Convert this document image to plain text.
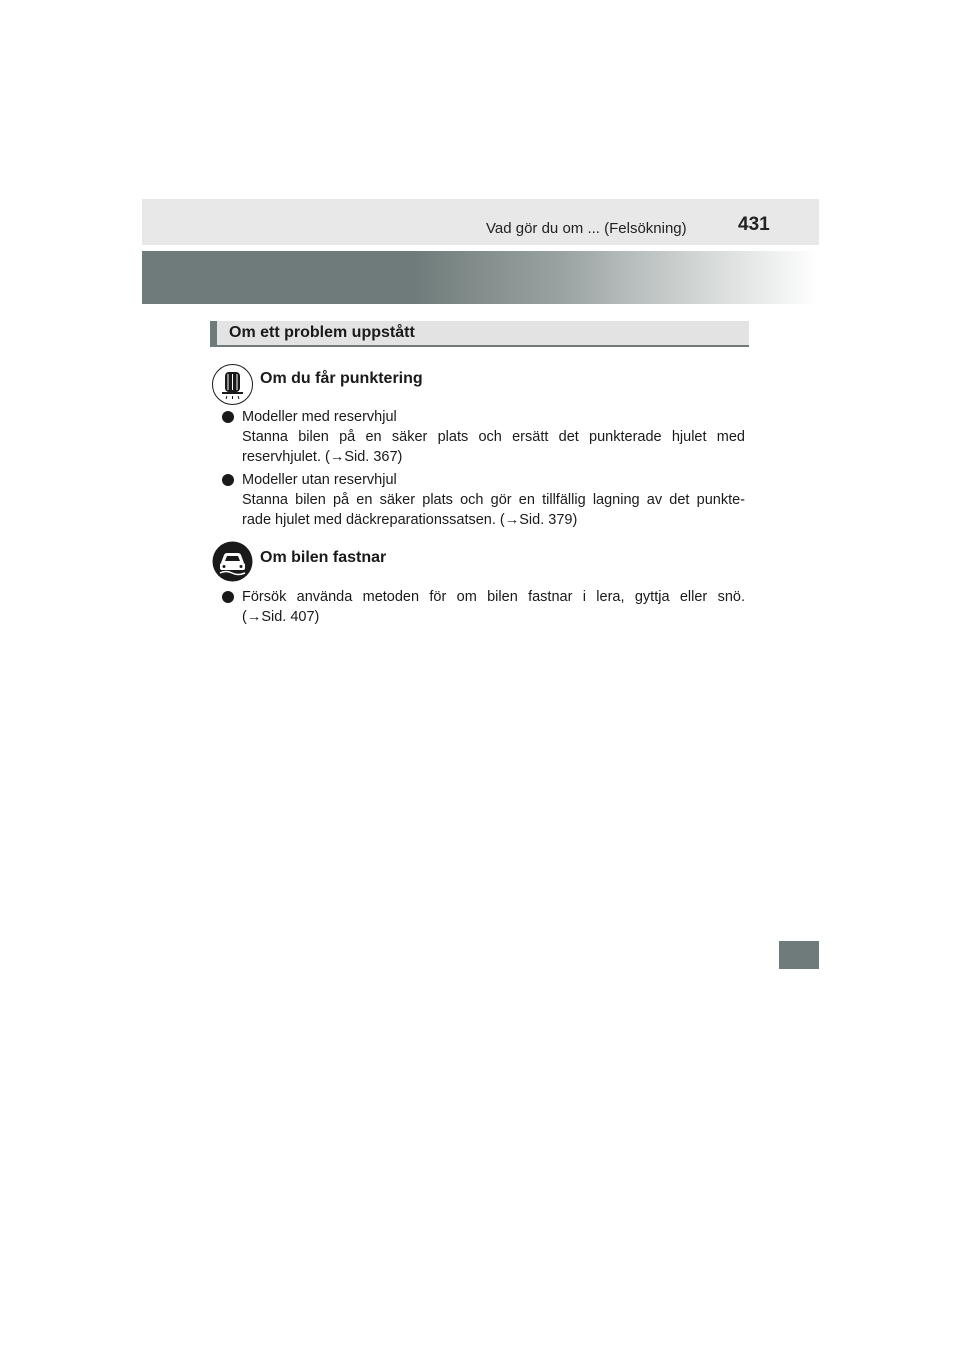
Vad gör du om ... (Felsökning)	431
Om ett problem uppstått
Om du får punktering
Modeller med reservhjul
Stanna bilen på en säker plats och ersätt det punkterade hjulet med
reservhjulet. (→Sid. 367)
Modeller utan reservhjul
Stanna bilen på en säker plats och gör en tillfällig lagning av det punkte-
rade hjulet med däckreparationssatsen. (→Sid. 379)
Om bilen fastnar
Försök använda metoden för om bilen fastnar i lera, gyttja eller snö.
(→Sid. 407)
